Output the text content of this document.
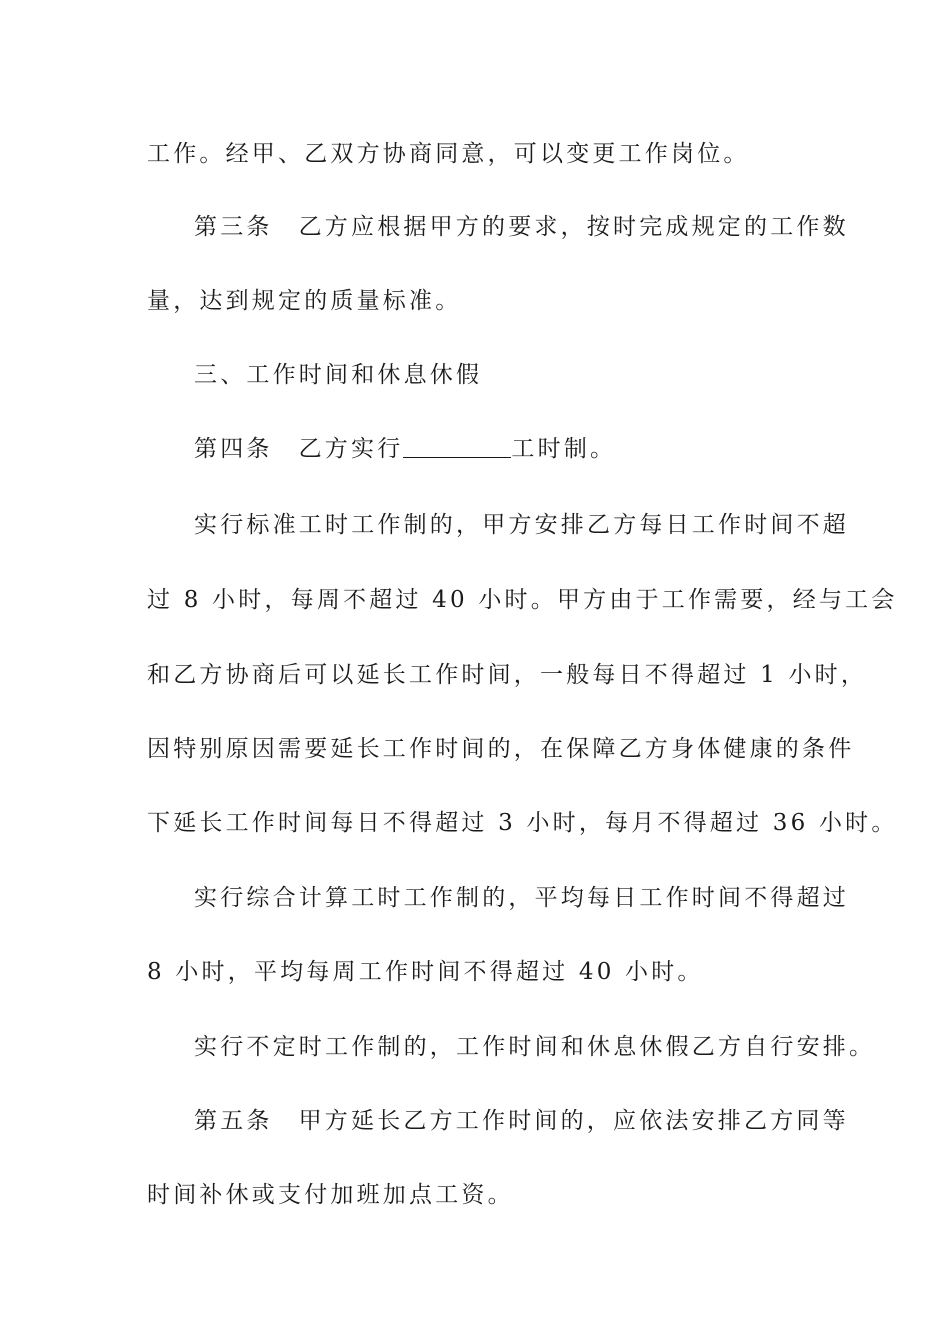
工作。经甲、乙双方协商同意，可以变更工作岗位。
第三条 乙方应根据甲方的要求，按时完成规定的工作数
量，达到规定的质量标准。
三、工作时间和休息休假
第四条 乙方实行	工时制。
实行标准工时工作制的，甲方安排乙方每日工作时间不超
过 8 小时，每周不超过 40 小时。甲方由于工作需要，经与工会
和乙方协商后可以延长工作时间，一般每日不得超过 1 小时，
因特别原因需要延长工作时间的，在保障乙方身体健康的条件
下延长工作时间每日不得超过 3 小时，每月不得超过 36 小时。
实行综合计算工时工作制的，平均每日工作时间不得超过
8 小时，平均每周工作时间不得超过 40 小时。
实行不定时工作制的，工作时间和休息休假乙方自行安排。
第五条 甲方延长乙方工作时间的，应依法安排乙方同等
时间补休或支付加班加点工资。
